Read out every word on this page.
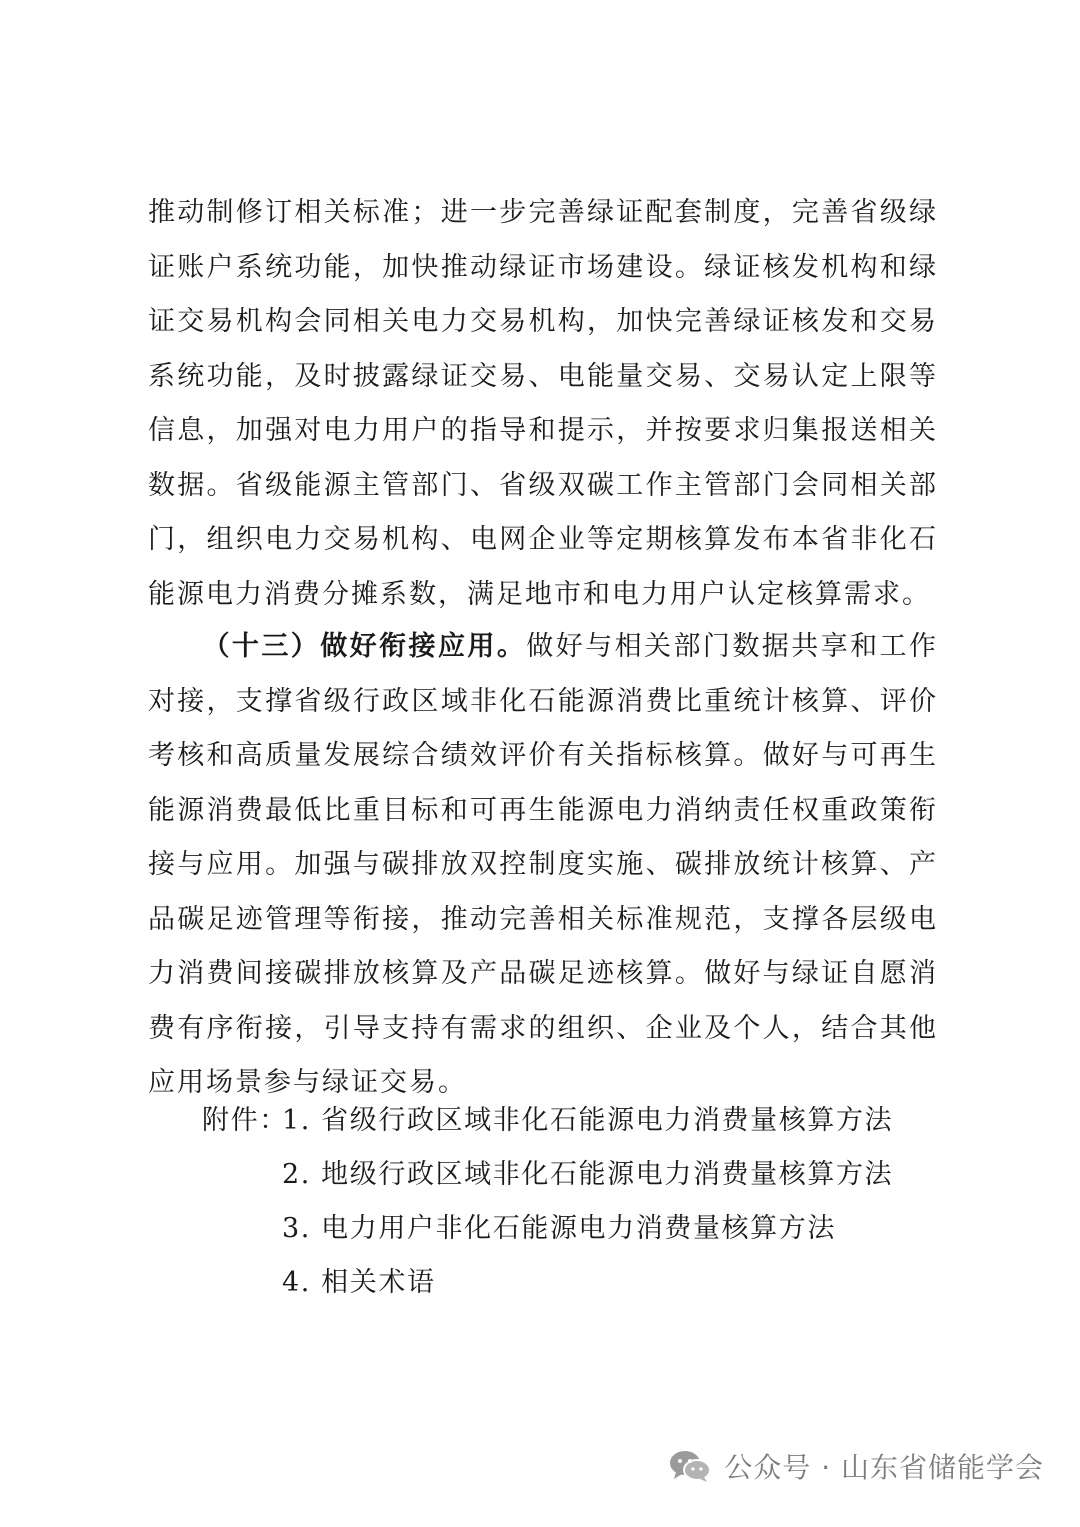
推动制修订相关标准；进一步完善绿证配套制度，完善省级绿证账户系统功能，加快推动绿证市场建设。绿证核发机构和绿证交易机构会同相关电力交易机构，加快完善绿证核发和交易系统功能，及时披露绿证交易、电能量交易、交易认定上限等信息，加强对电力用户的指导和提示，并按要求归集报送相关数据。省级能源主管部门、省级双碳工作主管部门会同相关部门，组织电力交易机构、电网企业等定期核算发布本省非化石能源电力消费分摊系数，满足地市和电力用户认定核算需求。
（十三）做好衔接应用。做好与相关部门数据共享和工作对接，支撑省级行政区域非化石能源消费比重统计核算、评价考核和高质量发展综合绩效评价有关指标核算。做好与可再生能源消费最低比重目标和可再生能源电力消纳责任权重政策衔接与应用。加强与碳排放双控制度实施、碳排放统计核算、产品碳足迹管理等衔接，推动完善相关标准规范，支撑各层级电力消费间接碳排放核算及产品碳足迹核算。做好与绿证自愿消费有序衔接，引导支持有需求的组织、企业及个人，结合其他应用场景参与绿证交易。
附件：1. 省级行政区域非化石能源电力消费量核算方法
2. 地级行政区域非化石能源电力消费量核算方法
3. 电力用户非化石能源电力消费量核算方法
4. 相关术语
公众号 · 山东省储能学会
